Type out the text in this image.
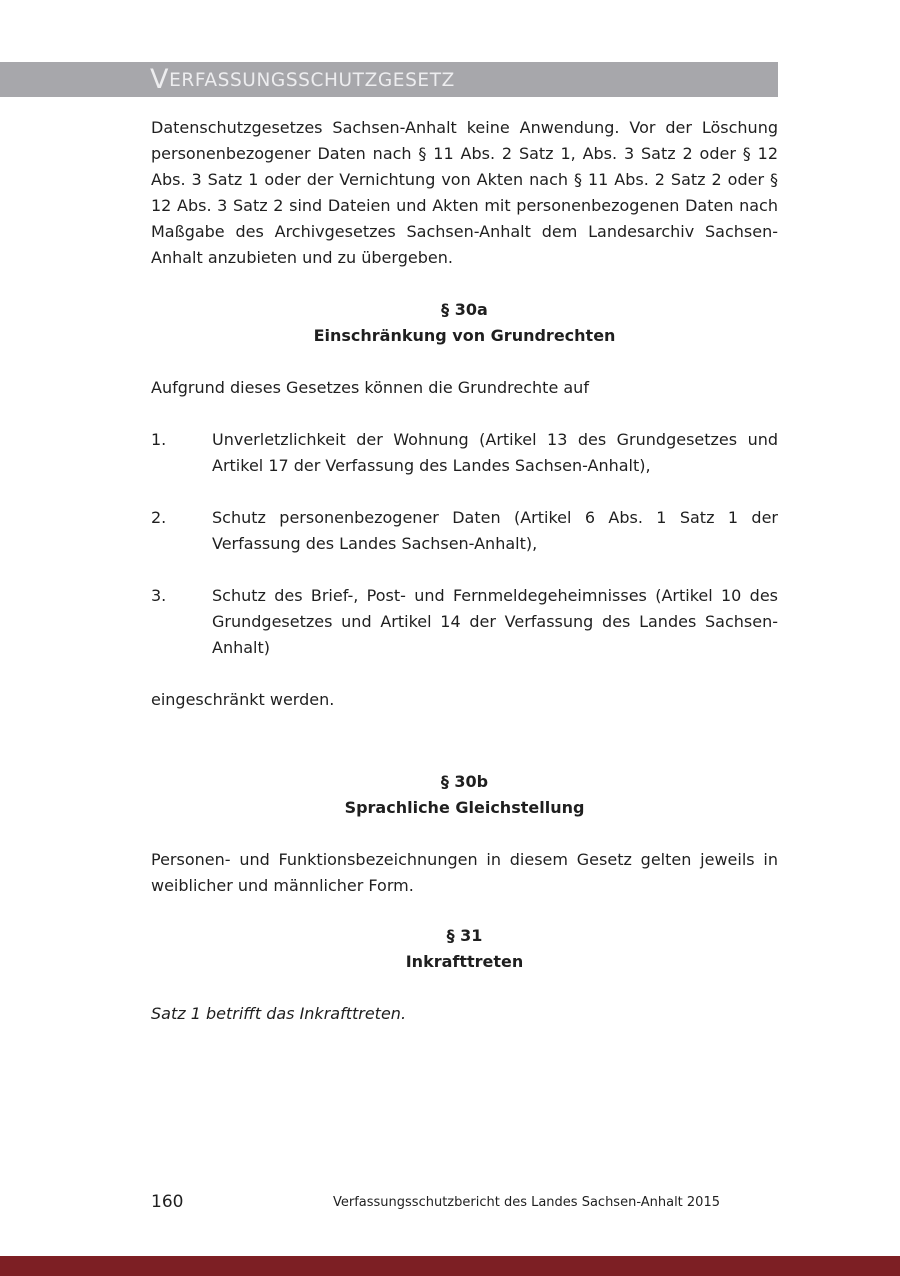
VERFASSUNGSSCHUTZGESETZ

Datenschutzgesetzes Sachsen-Anhalt keine Anwendung. Vor der Löschung personenbezogener Daten nach § 11 Abs. 2 Satz 1, Abs. 3 Satz 2 oder § 12 Abs. 3 Satz 1 oder der Vernichtung von Akten nach § 11 Abs. 2 Satz 2 oder § 12 Abs. 3 Satz 2 sind Dateien und Akten mit personenbezogenen Daten nach Maßgabe des Archivgesetzes Sachsen-Anhalt dem Landesarchiv Sachsen-Anhalt anzubieten und zu übergeben.

§ 30a
Einschränkung von Grundrechten

Aufgrund dieses Gesetzes können die Grundrechte auf

1.	Unverletzlichkeit der Wohnung (Artikel 13 des Grundgesetzes und Artikel 17 der Verfassung des Landes Sachsen-Anhalt),
2.	Schutz personenbezogener Daten (Artikel 6 Abs. 1 Satz 1 der Verfassung des Landes Sachsen-Anhalt),
3.	Schutz des Brief-, Post- und Fernmeldegeheimnisses (Artikel 10 des Grundgesetzes und Artikel 14 der Verfassung des Landes Sachsen-Anhalt)

eingeschränkt werden.

§ 30b
Sprachliche Gleichstellung

Personen- und Funktionsbezeichnungen in diesem Gesetz gelten jeweils in weiblicher und männlicher Form.

§ 31
Inkrafttreten

Satz 1 betrifft das Inkrafttreten.

160	Verfassungsschutzbericht des Landes Sachsen-Anhalt 2015
